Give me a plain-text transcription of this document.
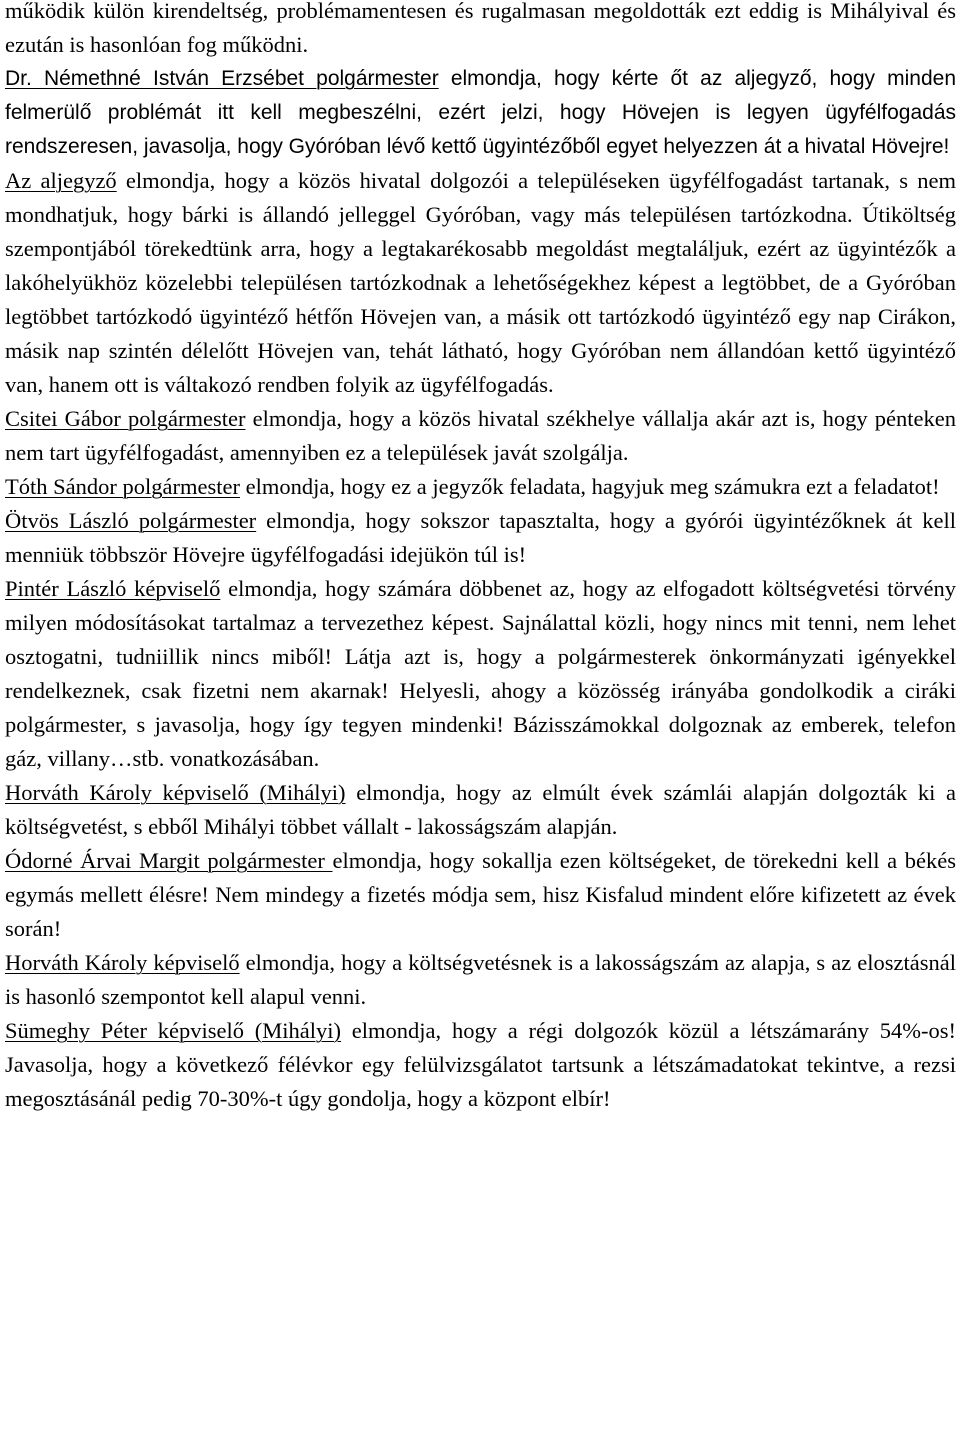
működik külön kirendeltség, problémamentesen és rugalmasan megoldották ezt eddig is Mihályival és ezután is hasonlóan fog működni.

Dr. Némethné István Erzsébet polgármester elmondja, hogy kérte őt az aljegyző, hogy minden felmerülő problémát itt kell megbeszélni, ezért jelzi, hogy Hövejen is legyen ügyfélfogadás rendszeresen, javasolja, hogy Gyóróban lévő kettő ügyintézőből egyet helyezzen át a hivatal Hövejre!

Az aljegyző elmondja, hogy a közös hivatal dolgozói a településeken ügyfélfogadást tartanak, s nem mondhatjuk, hogy bárki is állandó jelleggel Gyóróban, vagy más településen tartózkodna. Útiköltség szempontjából törekedtünk arra, hogy a legtakarékosabb megoldást megtaláljuk, ezért az ügyintézők a lakóhelyükhöz közelebbi településen tartózkodnak a lehetőségekhez képest a legtöbbet, de a Gyóróban legtöbbet tartózkodó ügyintéző hétfőn Hövejen van, a másik ott tartózkodó ügyintéző egy nap Cirákon, másik nap szintén délelőtt Hövejen van, tehát látható, hogy Gyóróban nem állandóan kettő ügyintéző van, hanem ott is váltakozó rendben folyik az ügyfélfogadás.

Csitei Gábor polgármester elmondja, hogy a közös hivatal székhelye vállalja akár azt is, hogy pénteken nem tart ügyfélfogadást, amennyiben ez a települések javát szolgálja.

Tóth Sándor polgármester elmondja, hogy ez a jegyzők feladata, hagyjuk meg számukra ezt a feladatot!

Ötvös László polgármester elmondja, hogy sokszor tapasztalta, hogy a gyórói ügyintézőknek át kell menniük többször Hövejre ügyfélfogadási idejükön túl is!

Pintér László képviselő elmondja, hogy számára döbbenet az, hogy az elfogadott költségvetési törvény milyen módosításokat tartalmaz a tervezethez képest. Sajnálattal közli, hogy nincs mit tenni, nem lehet osztogatni, tudniillik nincs miből! Látja azt is, hogy a polgármesterek önkormányzati igényekkel rendelkeznek, csak fizetni nem akarnak! Helyesli, ahogy a közösség irányába gondolkodik a ciráki polgármester, s javasolja, hogy így tegyen mindenki! Bázisszámokkal dolgoznak az emberek, telefon gáz, villany…stb. vonatkozásában.

Horváth Károly képviselő (Mihályi) elmondja, hogy az elmúlt évek számlái alapján dolgozták ki a költségvetést, s ebből Mihályi többet vállalt - lakosságszám alapján.

Ódorné Árvai Margit polgármester elmondja, hogy sokallja ezen költségeket, de törekedni kell a békés egymás mellett élésre! Nem mindegy a fizetés módja sem, hisz Kisfalud mindent előre kifizetett az évek során!

Horváth Károly képviselő elmondja, hogy a költségvetésnek is a lakosságszám az alapja, s az elosztásnál is hasonló szempontot kell alapul venni.

Sümeghy Péter képviselő (Mihályi) elmondja, hogy a régi dolgozók közül a létszámarány 54%-os! Javasolja, hogy a következő félévkor egy felülvizsgálatot tartsunk a létszámadatokat tekintve, a rezsi megosztásánál pedig 70-30%-t úgy gondolja, hogy a központ elbír!
